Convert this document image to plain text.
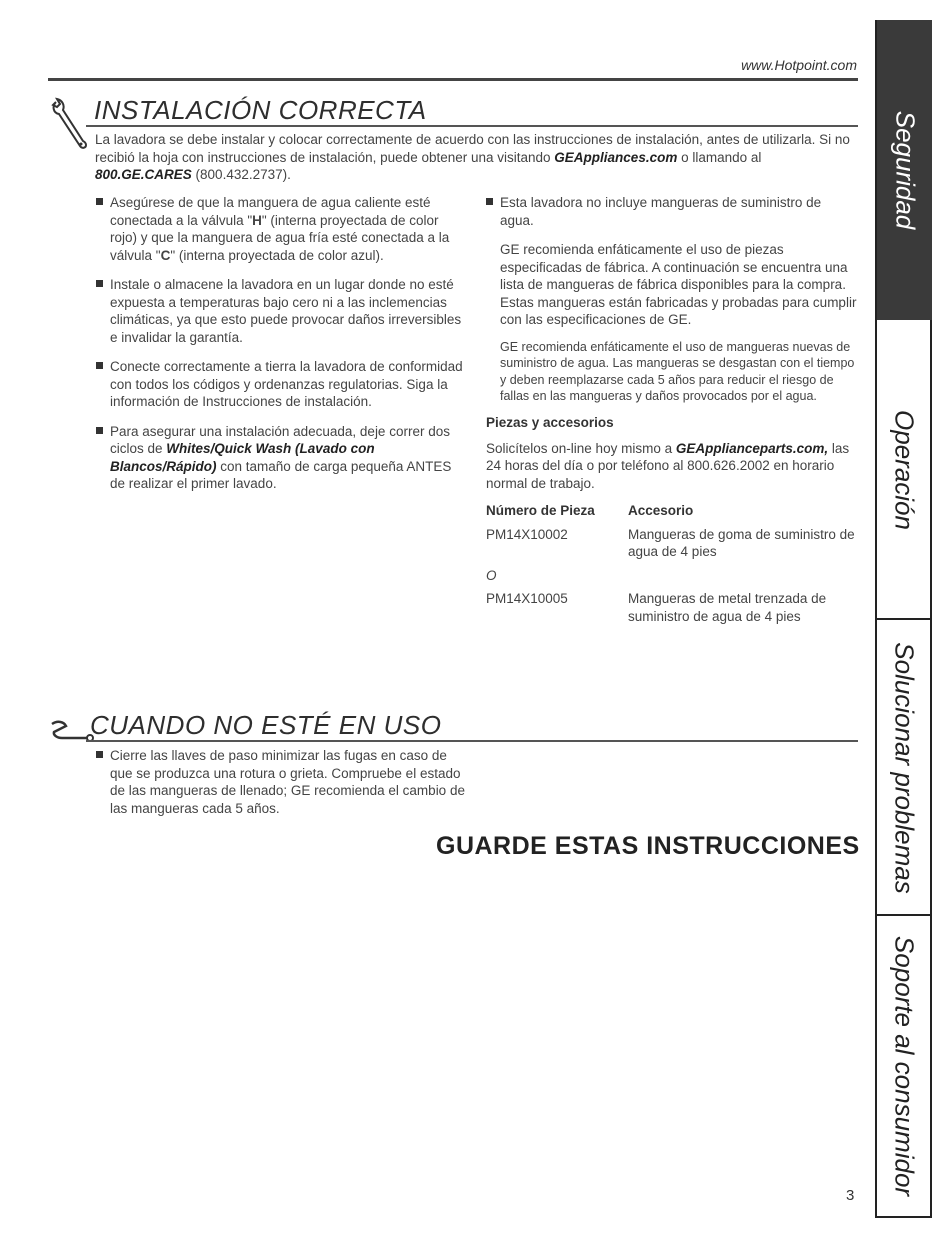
www.Hotpoint.com
INSTALACIÓN CORRECTA

La lavadora se debe instalar y colocar correctamente de acuerdo con las instrucciones de instalación, antes de utilizarla. Si no recibió la hoja con instrucciones de instalación, puede obtener una visitando GEAppliances.com o llamando al 800.GE.CARES (800.432.2737).

Asegúrese de que la manguera de agua caliente esté conectada a la válvula "H" (interna proyectada de color rojo) y que la manguera de agua fría esté conectada a la válvula "C" (interna proyectada de color azul).
Instale o almacene la lavadora en un lugar donde no esté expuesta a temperaturas bajo cero ni a las inclemencias climáticas, ya que esto puede provocar daños irreversibles e invalidar la garantía.
Conecte correctamente a tierra la lavadora de conformidad con todos los códigos y ordenanzas regulatorias. Siga la información de Instrucciones de instalación.
Para asegurar una instalación adecuada, deje correr dos ciclos de Whites/Quick Wash (Lavado con Blancos/Rápido) con tamaño de carga pequeña ANTES de realizar el primer lavado.
Esta lavadora no incluye mangueras de suministro de agua.

GE recomienda enfáticamente el uso de piezas especificadas de fábrica. A continuación se encuentra una lista de mangueras de fábrica disponibles para la compra. Estas mangueras están fabricadas y probadas para cumplir con las especificaciones de GE.

GE recomienda enfáticamente el uso de mangueras nuevas de suministro de agua. Las mangueras se desgastan con el tiempo y deben reemplazarse cada 5 años para reducir el riesgo de fallas en las mangueras y daños provocados por el agua.

Piezas y accesorios

Solicítelos on-line hoy mismo a GEApplianceparts.com, las 24 horas del día o por teléfono al 800.626.2002 en horario normal de trabajo.

Número de Pieza	Accesorio
PM14X10002	Mangueras de goma de suministro de agua de 4 pies
O
PM14X10005	Mangueras de metal trenzada de suministro de agua de 4 pies
CUANDO NO ESTÉ EN USO
Cierre las llaves de paso minimizar las fugas en caso de que se produzca una rotura o grieta. Compruebe el estado de las mangueras de llenado; GE recomienda el cambio de las mangueras cada 5 años.
GUARDE ESTAS INSTRUCCIONES
Seguridad
Operación
Solucionar problemas
Soporte al consumidor
3
